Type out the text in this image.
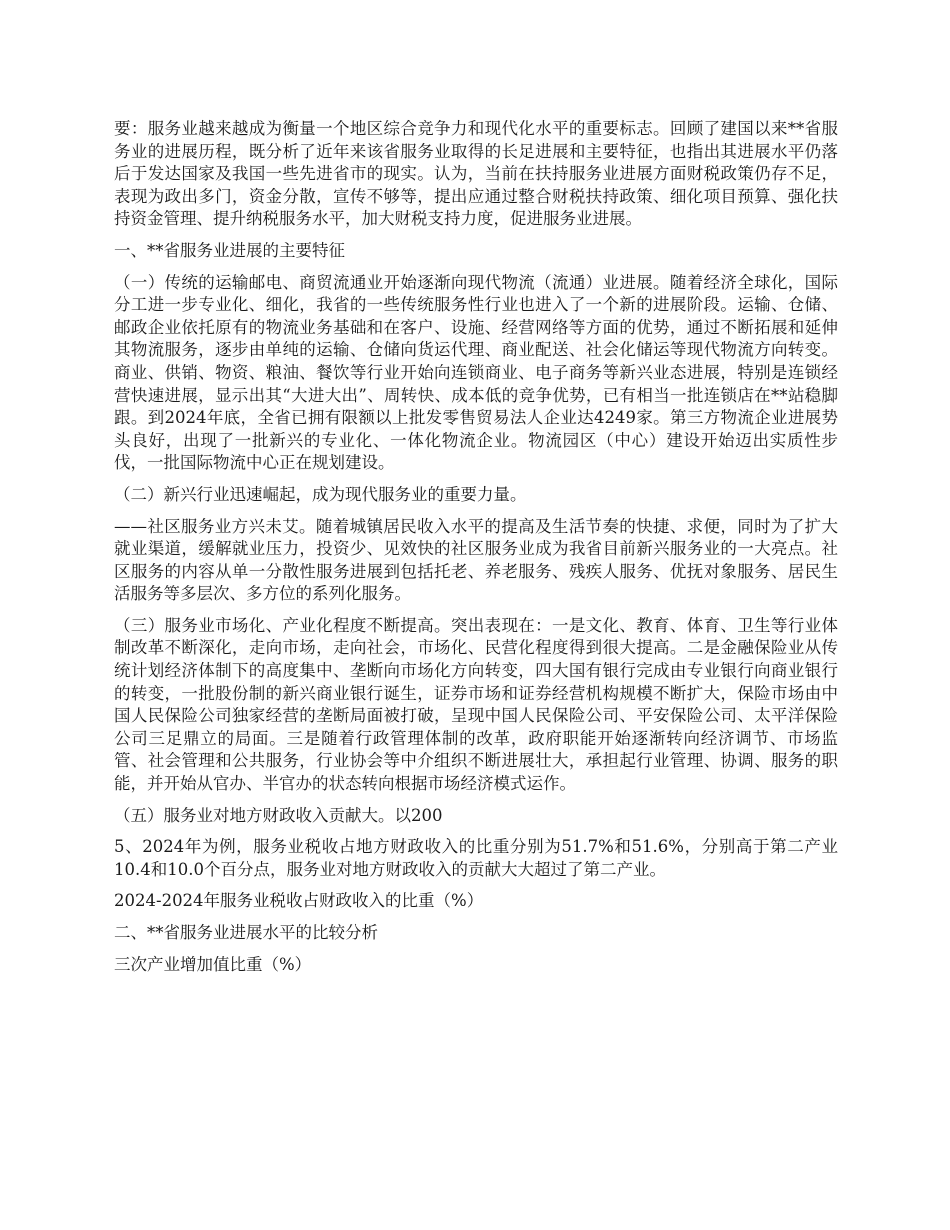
要：服务业越来越成为衡量一个地区综合竞争力和现代化水平的重要标志。回顾了建国以来**省服务业的进展历程，既分析了近年来该省服务业取得的长足进展和主要特征，也指出其进展水平仍落后于发达国家及我国一些先进省市的现实。认为，当前在扶持服务业进展方面财税政策仍存不足，表现为政出多门，资金分散，宣传不够等，提出应通过整合财税扶持政策、细化项目预算、强化扶持资金管理、提升纳税服务水平，加大财税支持力度，促进服务业进展。

一、**省服务业进展的主要特征

（一）传统的运输邮电、商贸流通业开始逐渐向现代物流（流通）业进展。随着经济全球化，国际分工进一步专业化、细化，我省的一些传统服务性行业也进入了一个新的进展阶段。运输、仓储、邮政企业依托原有的物流业务基础和在客户、设施、经营网络等方面的优势，通过不断拓展和延伸其物流服务，逐步由单纯的运输、仓储向货运代理、商业配送、社会化储运等现代物流方向转变。商业、供销、物资、粮油、餐饮等行业开始向连锁商业、电子商务等新兴业态进展，特别是连锁经营快速进展，显示出其“大进大出”、周转快、成本低的竞争优势，已有相当一批连锁店在**站稳脚跟。到2024年底，全省已拥有限额以上批发零售贸易法人企业达4249家。第三方物流企业进展势头良好，出现了一批新兴的专业化、一体化物流企业。物流园区（中心）建设开始迈出实质性步伐，一批国际物流中心正在规划建设。

（二）新兴行业迅速崛起，成为现代服务业的重要力量。

——社区服务业方兴未艾。随着城镇居民收入水平的提高及生活节奏的快捷、求便，同时为了扩大就业渠道，缓解就业压力，投资少、见效快的社区服务业成为我省目前新兴服务业的一大亮点。社区服务的内容从单一分散性服务进展到包括托老、养老服务、残疾人服务、优抚对象服务、居民生活服务等多层次、多方位的系列化服务。

（三）服务业市场化、产业化程度不断提高。突出表现在：一是文化、教育、体育、卫生等行业体制改革不断深化，走向市场，走向社会，市场化、民营化程度得到很大提高。二是金融保险业从传统计划经济体制下的高度集中、垄断向市场化方向转变，四大国有银行完成由专业银行向商业银行的转变，一批股份制的新兴商业银行诞生，证券市场和证券经营机构规模不断扩大，保险市场由中国人民保险公司独家经营的垄断局面被打破，呈现中国人民保险公司、平安保险公司、太平洋保险公司三足鼎立的局面。三是随着行政管理体制的改革，政府职能开始逐渐转向经济调节、市场监管、社会管理和公共服务，行业协会等中介组织不断进展壮大，承担起行业管理、协调、服务的职能，并开始从官办、半官办的状态转向根据市场经济模式运作。

（五）服务业对地方财政收入贡献大。以200

5、2024年为例，服务业税收占地方财政收入的比重分别为51.7%和51.6%，分别高于第二产业10.4和10.0个百分点，服务业对地方财政收入的贡献大大超过了第二产业。

2024-2024年服务业税收占财政收入的比重（%）

二、**省服务业进展水平的比较分析

三次产业增加值比重（%）
